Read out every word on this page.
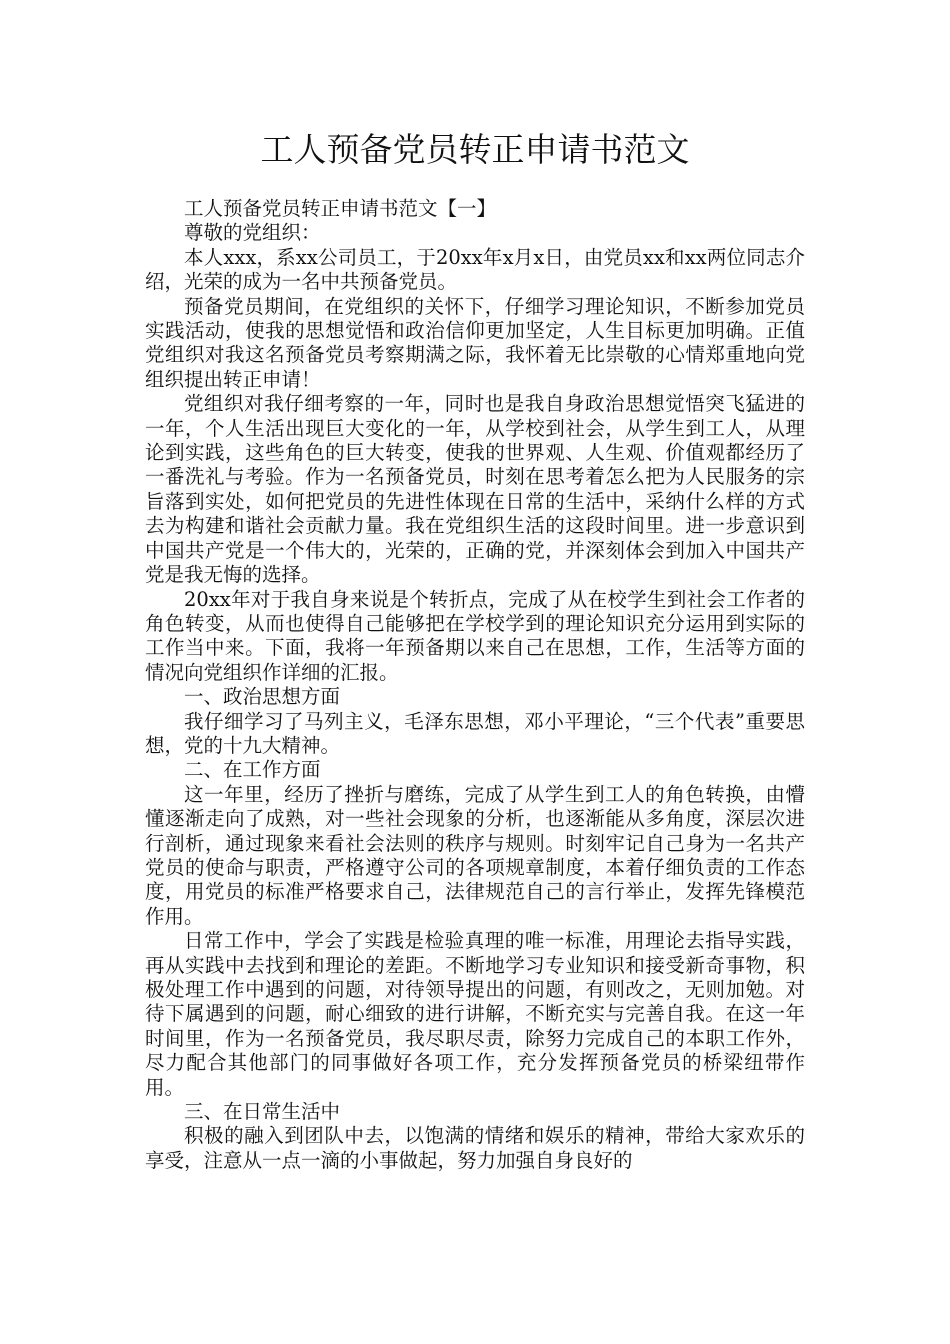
工人预备党员转正申请书范文

工人预备党员转正申请书范文【一】

尊敬的党组织：

本人xxx，系xx公司员工，于20xx年x月x日，由党员xx和xx两位同志介绍，光荣的成为一名中共预备党员。

预备党员期间，在党组织的关怀下，仔细学习理论知识，不断参加党员实践活动，使我的思想觉悟和政治信仰更加坚定，人生目标更加明确。正值党组织对我这名预备党员考察期满之际，我怀着无比崇敬的心情郑重地向党组织提出转正申请！

党组织对我仔细考察的一年，同时也是我自身政治思想觉悟突飞猛进的一年，个人生活出现巨大变化的一年，从学校到社会，从学生到工人，从理论到实践，这些角色的巨大转变，使我的世界观、人生观、价值观都经历了一番洗礼与考验。作为一名预备党员，时刻在思考着怎么把为人民服务的宗旨落到实处，如何把党员的先进性体现在日常的生活中，采纳什么样的方式去为构建和谐社会贡献力量。我在党组织生活的这段时间里。进一步意识到中国共产党是一个伟大的，光荣的，正确的党，并深刻体会到加入中国共产党是我无悔的选择。

20xx年对于我自身来说是个转折点，完成了从在校学生到社会工作者的角色转变，从而也使得自己能够把在学校学到的理论知识充分运用到实际的工作当中来。下面，我将一年预备期以来自己在思想，工作，生活等方面的情况向党组织作详细的汇报。

一、政治思想方面

我仔细学习了马列主义，毛泽东思想，邓小平理论，“三个代表”重要思想，党的十九大精神。

二、在工作方面

这一年里，经历了挫折与磨练，完成了从学生到工人的角色转换，由懵懂逐渐走向了成熟，对一些社会现象的分析，也逐渐能从多角度，深层次进行剖析，通过现象来看社会法则的秩序与规则。时刻牢记自己身为一名共产党员的使命与职责，严格遵守公司的各项规章制度，本着仔细负责的工作态度，用党员的标准严格要求自己，法律规范自己的言行举止，发挥先锋模范作用。

日常工作中，学会了实践是检验真理的唯一标准，用理论去指导实践，再从实践中去找到和理论的差距。不断地学习专业知识和接受新奇事物，积极处理工作中遇到的问题，对待领导提出的问题，有则改之，无则加勉。对待下属遇到的问题，耐心细致的进行讲解，不断充实与完善自我。在这一年时间里，作为一名预备党员，我尽职尽责，除努力完成自己的本职工作外，尽力配合其他部门的同事做好各项工作，充分发挥预备党员的桥梁纽带作用。

三、在日常生活中

积极的融入到团队中去，以饱满的情绪和娱乐的精神，带给大家欢乐的享受，注意从一点一滴的小事做起，努力加强自身良好的
